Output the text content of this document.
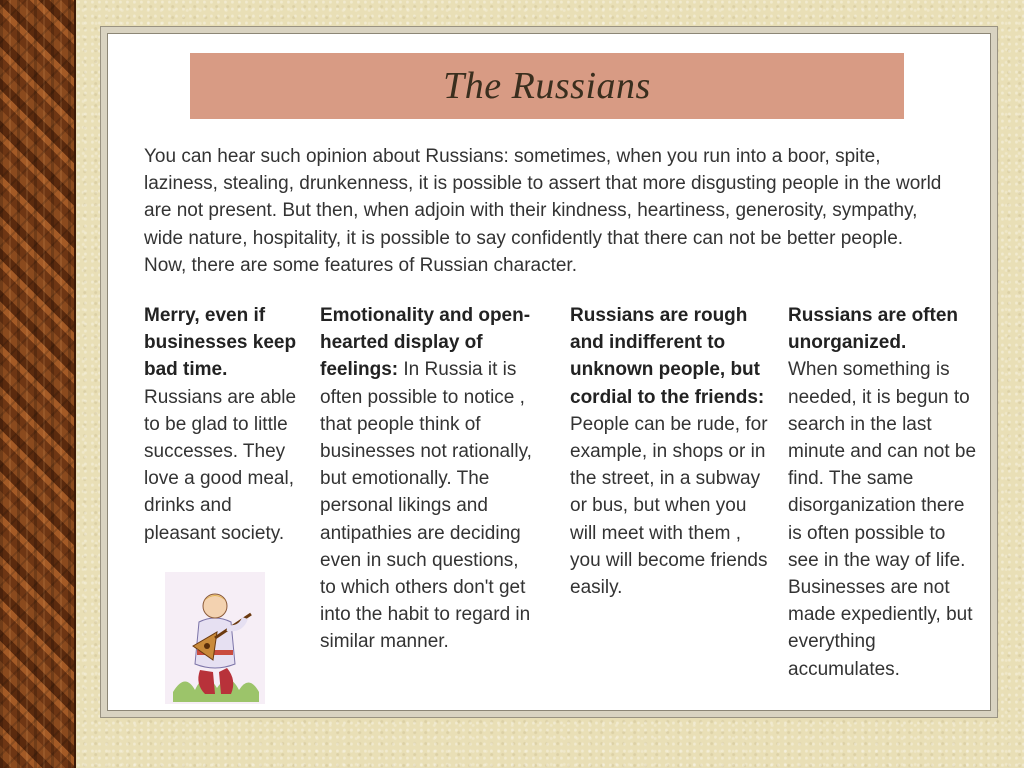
The Russians
You can hear such opinion about Russians: sometimes, when you run into a boor, spite, laziness, stealing, drunkenness, it is possible to assert that more disgusting people in the world are not present. But then, when adjoin with their kindness, heartiness, generosity, sympathy, wide nature, hospitality, it is possible to say confidently that there can not be better people. Now, there are some features of Russian character.
Merry, even if businesses keep bad time. Russians are able to be glad to little successes. They love a good meal, drinks and pleasant society.
Emotionality and open-hearted display of feelings: In Russia it is often possible to notice , that people think of businesses not rationally, but emotionally. The personal likings and antipathies are deciding even in such questions, to which others don't get into the habit to regard in similar manner.
Russians are rough and indifferent to unknown people, but cordial to the friends:
People can be rude, for example, in shops or in the street, in a subway or bus, but when you will meet with them , you will become friends easily.
Russians are often unorganized.
When something is needed, it is begun to search in the last minute and can not be find. The same disorganization there is often possible to see in the way of life. Businesses are not made expediently, but everything accumulates.
